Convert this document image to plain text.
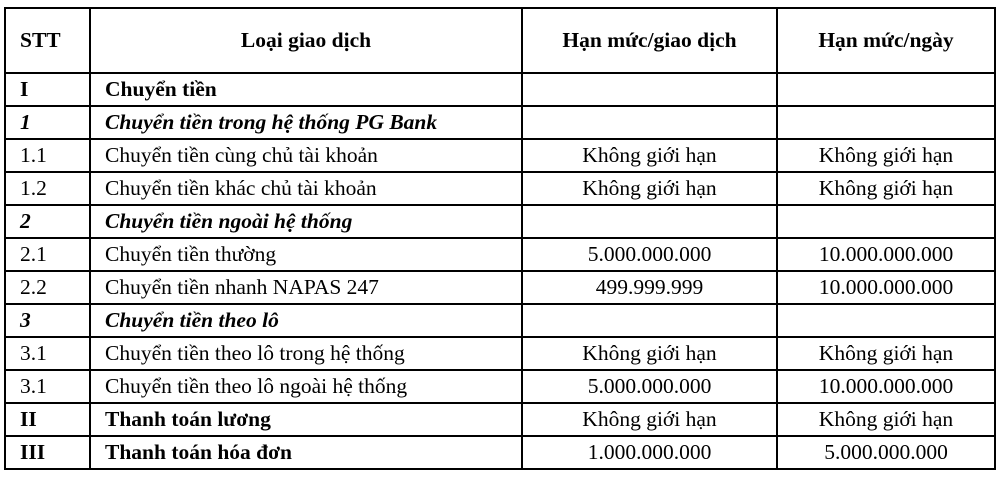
STT	Loại giao dịch	Hạn mức/giao dịch	Hạn mức/ngày
I	Chuyển tiền		
1	Chuyển tiền trong hệ thống PG Bank		
1.1	Chuyển tiền cùng chủ tài khoản	Không giới hạn	Không giới hạn
1.2	Chuyển tiền khác chủ tài khoản	Không giới hạn	Không giới hạn
2	Chuyển tiền ngoài hệ thống		
2.1	Chuyển tiền thường	5.000.000.000	10.000.000.000
2.2	Chuyển tiền nhanh NAPAS 247	499.999.999	10.000.000.000
3	Chuyển tiền theo lô		
3.1	Chuyển tiền theo lô trong hệ thống	Không giới hạn	Không giới hạn
3.1	Chuyển tiền theo lô ngoài hệ thống	5.000.000.000	10.000.000.000
II	Thanh toán lương	Không giới hạn	Không giới hạn
III	Thanh toán hóa đơn	1.000.000.000	5.000.000.000
